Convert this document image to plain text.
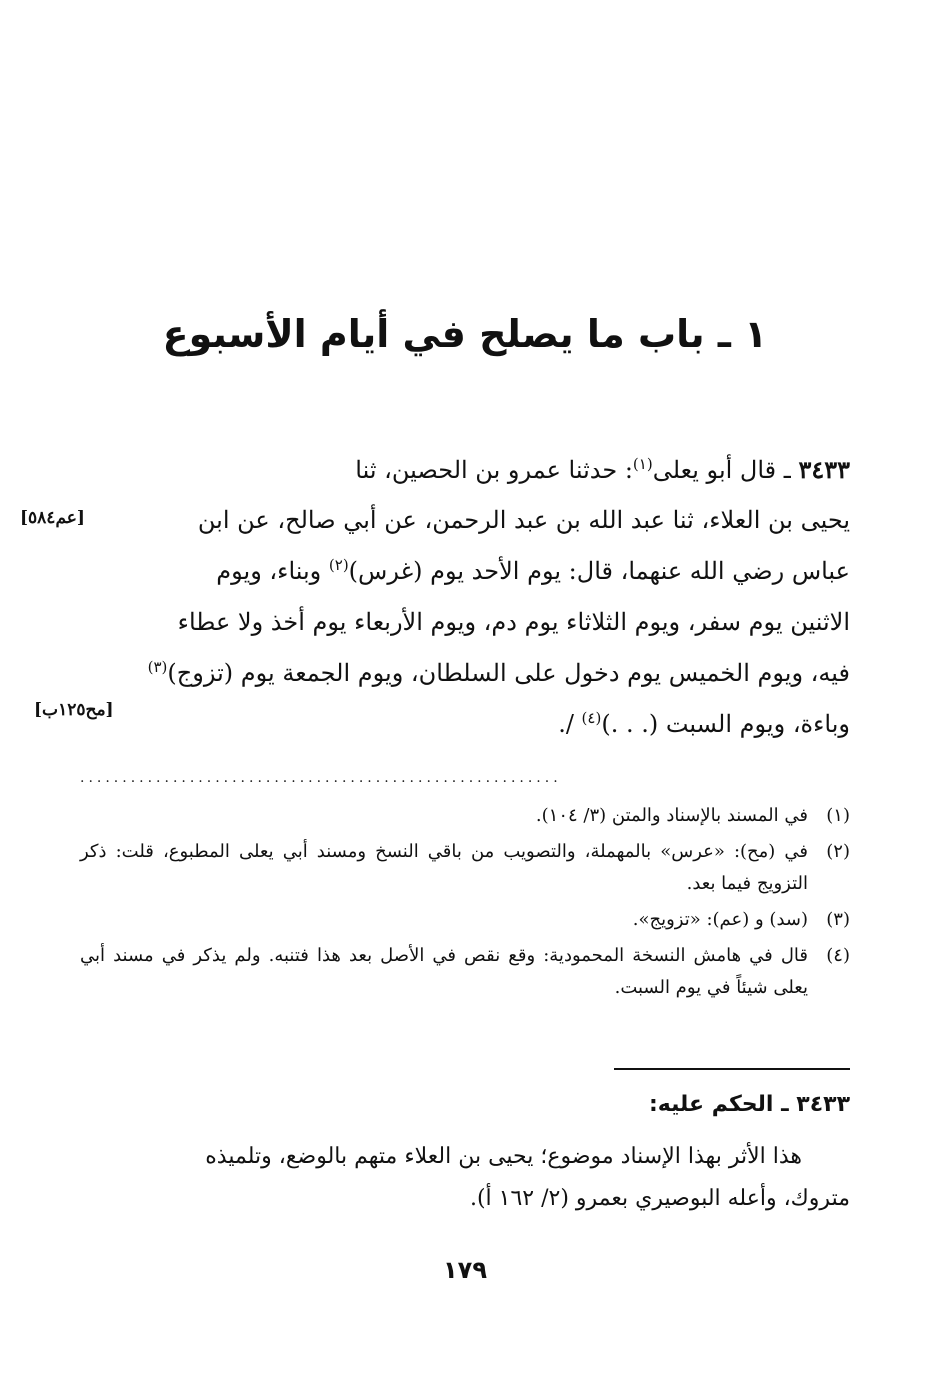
١ ـ باب ما يصلح في أيام الأسبوع
٣٤٣٣ ـ قال أبو يعلى$^{(١)}$: حدثنا عمرو بن الحصين، ثنا
يحيى بن العلاء، ثنا عبد الله بن عبد الرحمن، عن أبي صالح، عن ابن
عباس رضي الله عنهما، قال: يوم الأحد يوم (غرس)$^{(٢)}$ وبناء، ويوم
الاثنين يوم سفر، ويوم الثلاثاء يوم دم، ويوم الأربعاء يوم أخذ ولا عطاء
فيه، ويوم الخميس يوم دخول على السلطان، ويوم الجمعة يوم (تزوج)$^{(٣)}$
وباءة، ويوم السبت (. . .)$^{(٤)}$ /.
[عم٥٨٤]
[مح١٢٥ب]
.........................................................
(١)
في المسند بالإسناد والمتن (٣/ ١٠٤).
(٢)
في (مح): «عرس» بالمهملة، والتصويب من باقي النسخ ومسند أبي يعلى المطبوع، قلت: ذكر التزويج فيما بعد.
(٣)
(سد) و (عم): «تزويج».
(٤)
قال في هامش النسخة المحمودية: وقع نقص في الأصل بعد هذا فتنبه. ولم يذكر في مسند أبي يعلى شيئاً في يوم السبت.
٣٤٣٣ ـ الحكم عليه:
هذا الأثر بهذا الإسناد موضوع؛ يحيى بن العلاء متهم بالوضع، وتلميذه
متروك، وأعله البوصيري بعمرو (٢/ ١٦٢ أ).
١٧٩
